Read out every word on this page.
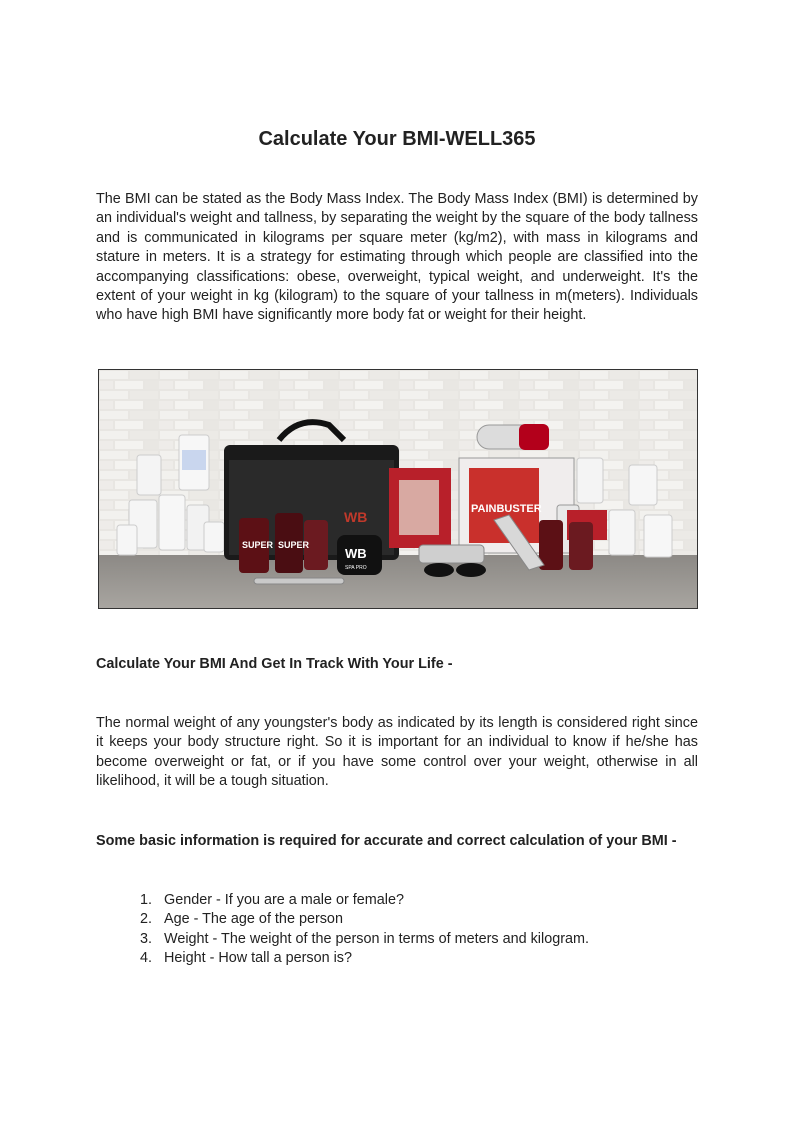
Calculate Your BMI-WELL365

The BMI can be stated as the Body Mass Index. The Body Mass Index (BMI) is determined by an individual's weight and tallness, by separating the weight by the square of the body tallness and is communicated in kilograms per square meter (kg/m2), with mass in kilograms and stature in meters. It is a strategy for estimating through which people are classified into the accompanying classifications: obese, overweight, typical weight, and underweight. It's the extent of your weight in kg (kilogram) to the square of your tallness in m(meters). Individuals who have high BMI have significantly more body fat or weight for their height.

WB	PAINBUSTER
SUPER SUPER
WB
SPA PRO
Calculate Your BMI And Get In Track With Your Life -

The normal weight of any youngster's body as indicated by its length is considered right since it keeps your body structure right. So it is important for an individual to know if he/she has become overweight or fat, or if you have some control over your weight, otherwise in all likelihood, it will be a tough situation.

Some basic information is required for accurate and correct calculation of your BMI -
1. Gender - If you are a male or female?
2. Age - The age of the person
3. Weight - The weight of the person in terms of meters and kilogram.
4. Height - How tall a person is?
